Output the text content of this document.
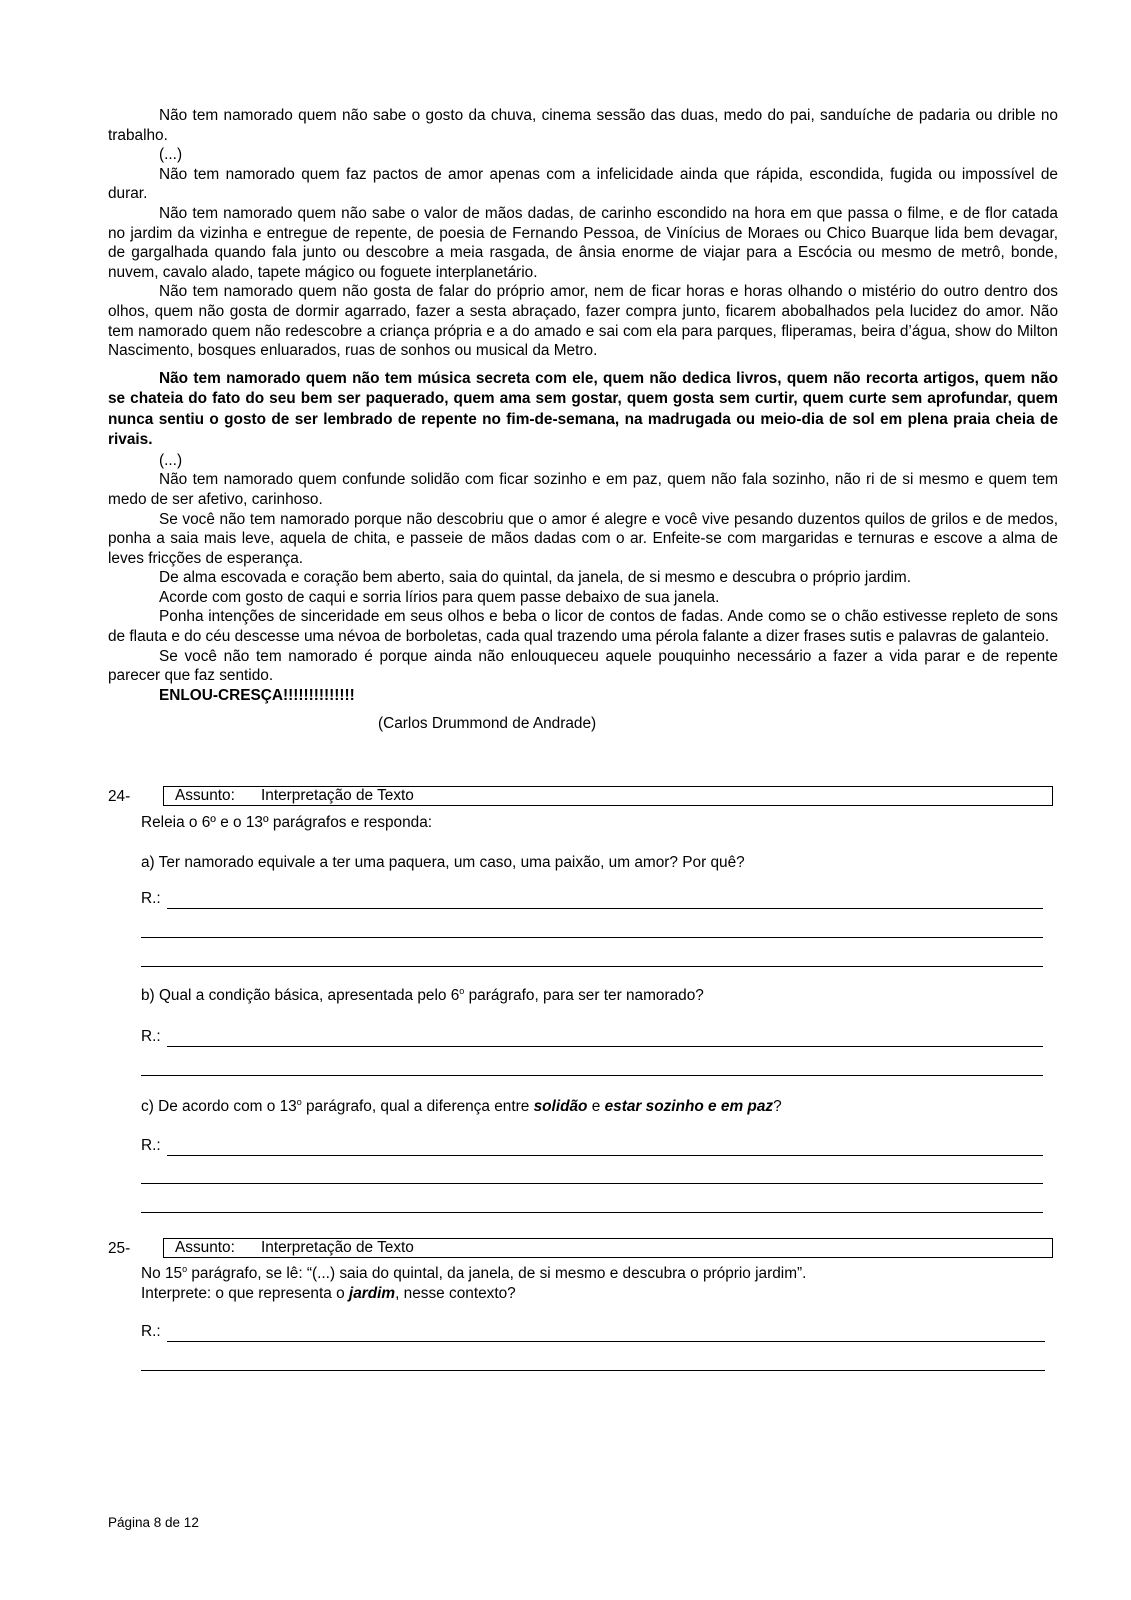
Não tem namorado quem não sabe o gosto da chuva, cinema sessão das duas, medo do pai, sanduíche de padaria ou drible no trabalho.

(...)

Não tem namorado quem faz pactos de amor apenas com a infelicidade ainda que rápida, escondida, fugida ou impossível de durar.

Não tem namorado quem não sabe o valor de mãos dadas, de carinho escondido na hora em que passa o filme, e de flor catada no jardim da vizinha e entregue de repente, de poesia de Fernando Pessoa, de Vinícius de Moraes ou Chico Buarque lida bem devagar, de gargalhada quando fala junto ou descobre a meia rasgada, de ânsia enorme de viajar para a Escócia ou mesmo de metrô, bonde, nuvem, cavalo alado, tapete mágico ou foguete interplanetário.

Não tem namorado quem não gosta de falar do próprio amor, nem de ficar horas e horas olhando o mistério do outro dentro dos olhos, quem não gosta de dormir agarrado, fazer a sesta abraçado, fazer compra junto, ficarem abobalhados pela lucidez do amor. Não tem namorado quem não redescobre a criança própria e a do amado e sai com ela para parques, fliperamas, beira d’água, show do Milton Nascimento, bosques enluarados, ruas de sonhos ou musical da Metro.

Não tem namorado quem não tem música secreta com ele, quem não dedica livros, quem não recorta artigos, quem não se chateia do fato do seu bem ser paquerado, quem ama sem gostar, quem gosta sem curtir, quem curte sem aprofundar, quem nunca sentiu o gosto de ser lembrado de repente no fim-de-semana, na madrugada ou meio-dia de sol em plena praia cheia de rivais.

(...)

Não tem namorado quem confunde solidão com ficar sozinho e em paz, quem não fala sozinho, não ri de si mesmo e quem tem medo de ser afetivo, carinhoso.

Se você não tem namorado porque não descobriu que o amor é alegre e você vive pesando duzentos quilos de grilos e de medos, ponha a saia mais leve, aquela de chita, e passeie de mãos dadas com o ar. Enfeite-se com margaridas e ternuras e escove a alma de leves fricções de esperança.

De alma escovada e coração bem aberto, saia do quintal, da janela, de si mesmo e descubra o próprio jardim.

Acorde com gosto de caqui e sorria lírios para quem passe debaixo de sua janela.

Ponha intenções de sinceridade em seus olhos e beba o licor de contos de fadas. Ande como se o chão estivesse repleto de sons de flauta e do céu descesse uma névoa de borboletas, cada qual trazendo uma pérola falante a dizer frases sutis e palavras de galanteio.

Se você não tem namorado é porque ainda não enlouqueceu aquele pouquinho necessário a fazer a vida parar e de repente parecer que faz sentido.

ENLOU-CRESÇA!!!!!!!!!!!!!!

(Carlos Drummond de Andrade)

24-	Assunto: Interpretação de Texto
Releia o 6º e o 13º parágrafos e responda:
a) Ter namorado equivale a ter uma paquera, um caso, uma paixão, um amor? Por quê?
R.:
b) Qual a condição básica, apresentada pelo 6$^o$ parágrafo, para ser ter namorado?
R.:
c) De acordo com o 13$^o$ parágrafo, qual a diferença entre solidão e estar sozinho e em paz?
R.:
25-	Assunto: Interpretação de Texto
No 15$^o$ parágrafo, se lê: “(...) saia do quintal, da janela, de si mesmo e descubra o próprio jardim”.
Interprete: o que representa o jardim, nesse contexto?
R.:
Página 8 de 12
